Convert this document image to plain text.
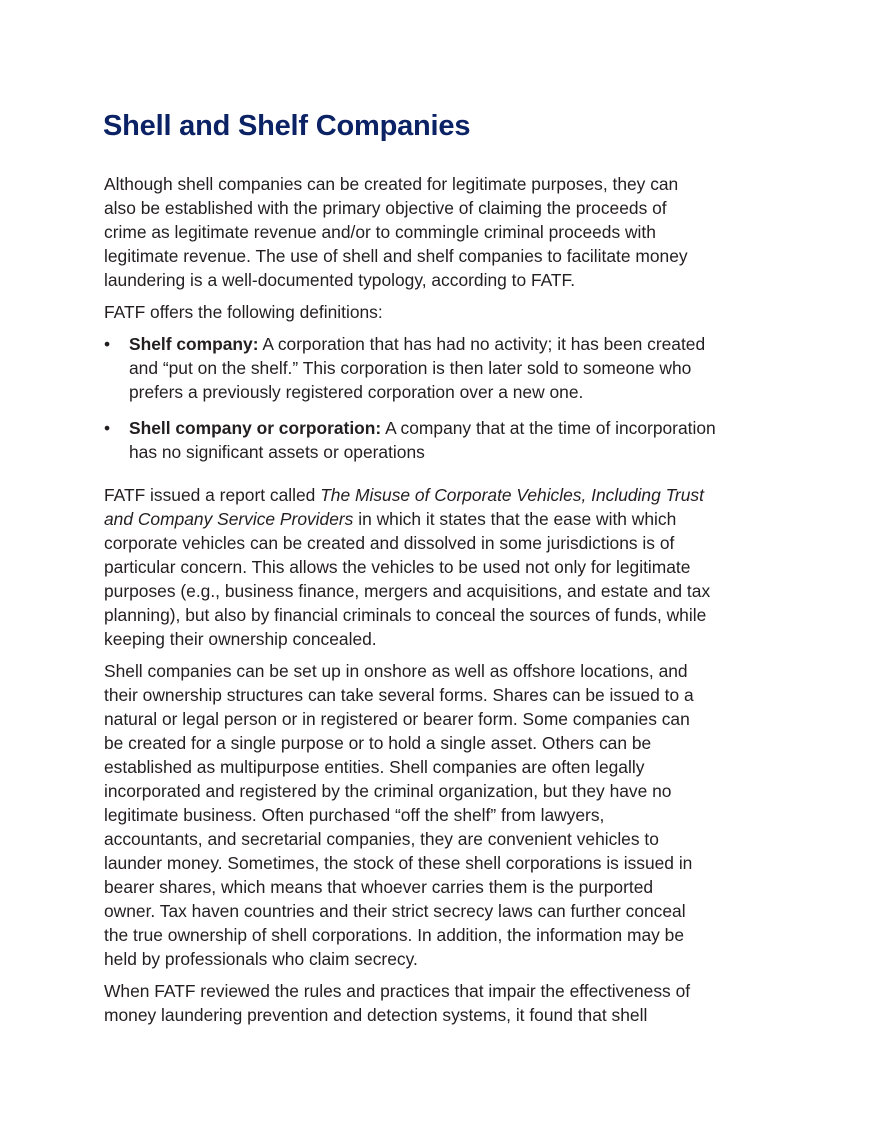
Shell and Shelf Companies
Although shell companies can be created for legitimate purposes, they can
also be established with the primary objective of claiming the proceeds of
crime as legitimate revenue and/or to commingle criminal proceeds with
legitimate revenue. The use of shell and shelf companies to facilitate money
laundering is a well-documented typology, according to FATF.
FATF offers the following definitions:
• Shelf company: A corporation that has had no activity; it has been created
and “put on the shelf.” This corporation is then later sold to someone who
prefers a previously registered corporation over a new one.
• Shell company or corporation: A company that at the time of incorporation
has no significant assets or operations
FATF issued a report called The Misuse of Corporate Vehicles, Including Trust
and Company Service Providers in which it states that the ease with which
corporate vehicles can be created and dissolved in some jurisdictions is of
particular concern. This allows the vehicles to be used not only for legitimate
purposes (e.g., business finance, mergers and acquisitions, and estate and tax
planning), but also by financial criminals to conceal the sources of funds, while
keeping their ownership concealed.
Shell companies can be set up in onshore as well as offshore locations, and
their ownership structures can take several forms. Shares can be issued to a
natural or legal person or in registered or bearer form. Some companies can
be created for a single purpose or to hold a single asset. Others can be
established as multipurpose entities. Shell companies are often legally
incorporated and registered by the criminal organization, but they have no
legitimate business. Often purchased “off the shelf” from lawyers,
accountants, and secretarial companies, they are convenient vehicles to
launder money. Sometimes, the stock of these shell corporations is issued in
bearer shares, which means that whoever carries them is the purported
owner. Tax haven countries and their strict secrecy laws can further conceal
the true ownership of shell corporations. In addition, the information may be
held by professionals who claim secrecy.
When FATF reviewed the rules and practices that impair the effectiveness of
money laundering prevention and detection systems, it found that shell
